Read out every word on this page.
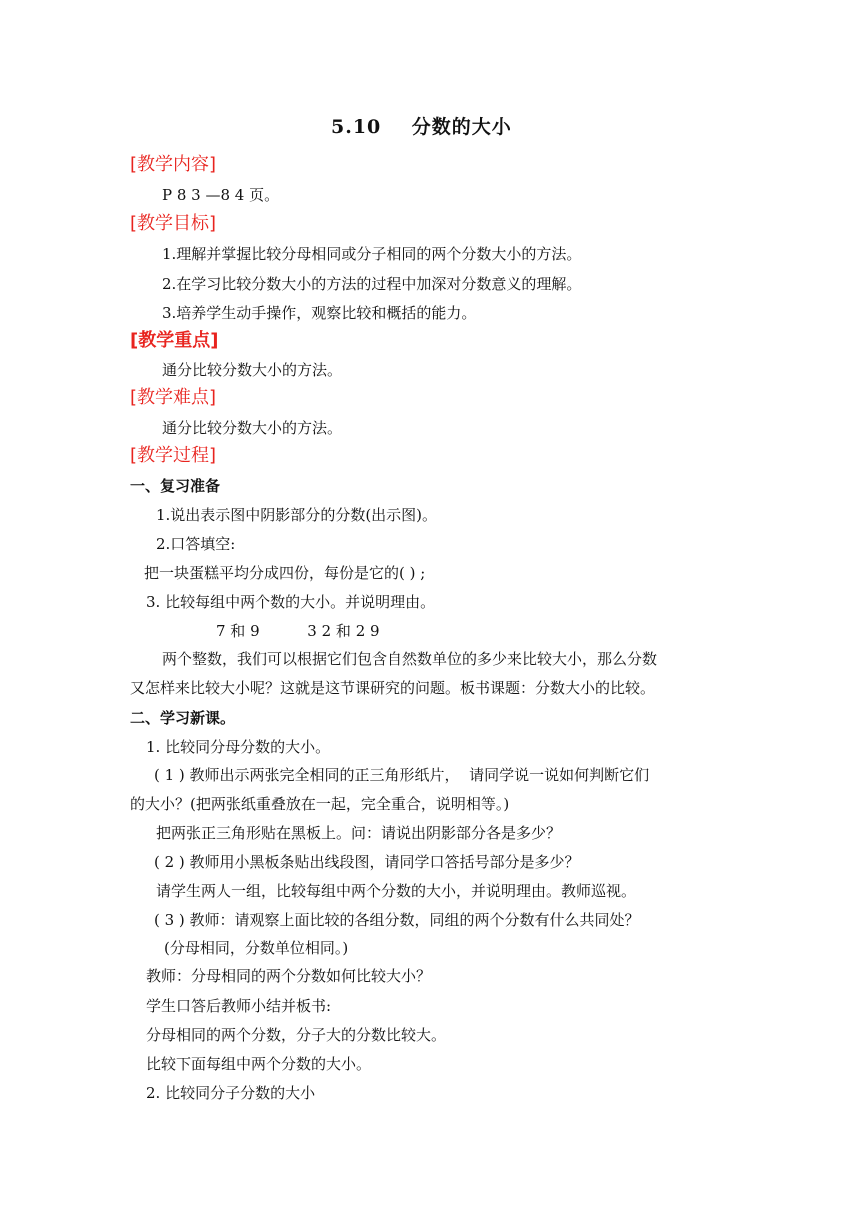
5.10    分数的大小
[教学内容]
P 8 3 —8 4 页。
[教学目标]
1.理解并掌握比较分母相同或分子相同的两个分数大小的方法。
2.在学习比较分数大小的方法的过程中加深对分数意义的理解。
3.培养学生动手操作，观察比较和概括的能力。
[教学重点]
通分比较分数大小的方法。
[教学难点]
通分比较分数大小的方法。
[教学过程]
一、复习准备
1.说出表示图中阴影部分的分数(出示图)。
2.口答填空:
把一块蛋糕平均分成四份，每份是它的( ) ;
3. 比较每组中两个数的大小。并说明理由。
7 和 9          3 2 和 2 9
两个整数，我们可以根据它们包含自然数单位的多少来比较大小，那么分数
又怎样来比较大小呢？这就是这节课研究的问题。板书课题：分数大小的比较。
二、学习新课。
1. 比较同分母分数的大小。
( 1 ) 教师出示两张完全相同的正三角形纸片，  请同学说一说如何判断它们
的大小？(把两张纸重叠放在一起，完全重合，说明相等。)
把两张正三角形贴在黑板上。问：请说出阴影部分各是多少？
( 2 ) 教师用小黑板条贴出线段图，请同学口答括号部分是多少？
请学生两人一组，比较每组中两个分数的大小，并说明理由。教师巡视。
( 3 ) 教师：请观察上面比较的各组分数，同组的两个分数有什么共同处？
(分母相同，分数单位相同。)
教师：分母相同的两个分数如何比较大小？
学生口答后教师小结并板书:
分母相同的两个分数，分子大的分数比较大。
比较下面每组中两个分数的大小。
2. 比较同分子分数的大小
